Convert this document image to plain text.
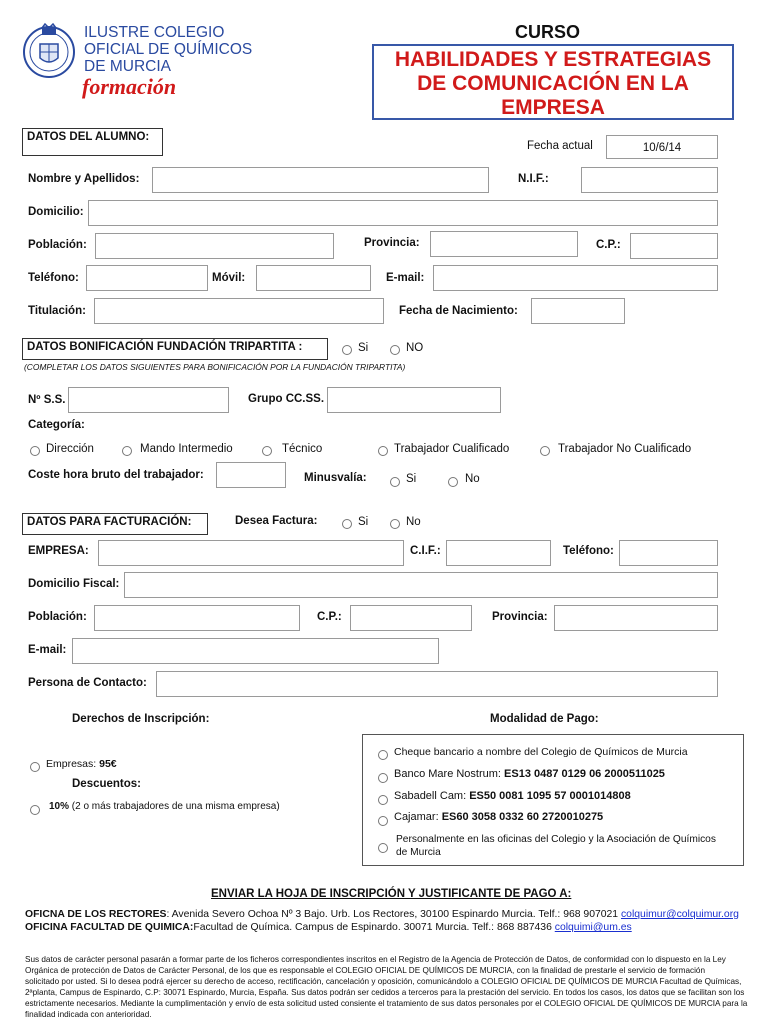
ILUSTRE COLEGIO
OFICIAL DE QUÍMICOS
DE MURCIA
formación
CURSO
HABILIDADES Y ESTRATEGIAS
DE COMUNICACIÓN EN LA
EMPRESA
DATOS DEL ALUMNO:
Fecha actual	10/6/14
Nombre y Apellidos:	N.I.F.:
Domicilio:
Población:	Provincia:	C.P.:
Teléfono:	Móvil:	E-mail:
Titulación:	Fecha de Nacimiento:
DATOS BONIFICACIÓN FUNDACIÓN TRIPARTITA :	Si	NO
(COMPLETAR LOS DATOS SIGUIENTES PARA BONIFICACIÓN POR LA FUNDACIÓN TRIPARTITA)
Nº S.S.	Grupo CC.SS.
Categoría:
Dirección	Mando Intermedio	Técnico	Trabajador Cualificado	Trabajador No Cualificado
Coste hora bruto del trabajador:	Minusvalía:	Si	No
DATOS PARA FACTURACIÓN:	Desea Factura:	Si	No
EMPRESA:	C.I.F.:	Teléfono:
Domicilio Fiscal:
Población:	C.P.:	Provincia:
E-mail:
Persona de Contacto:
Derechos de Inscripción:	Modalidad de Pago:
Empresas: 95€
Descuentos:
10% (2 o más trabajadores de una misma empresa)
Cheque bancario a nombre del Colegio de Químicos de Murcia
Banco Mare Nostrum: ES13 0487 0129 06 2000511025
Sabadell Cam: ES50 0081 1095 57 0001014808
Cajamar: ES60 3058 0332 60 2720010275
Personalmente en las oficinas del Colegio y la Asociación de Químicos
de Murcia
ENVIAR LA HOJA DE INSCRIPCIÓN Y JUSTIFICANTE DE PAGO A:
OFICNA DE LOS RECTORES: Avenida Severo Ochoa Nº 3 Bajo. Urb. Los Rectores, 30100 Espinardo Murcia. Telf.: 968 907021 colquimur@colquimur.org
OFICINA FACULTAD DE QUIMICA:Facultad de Química. Campus de Espinardo. 30071 Murcia. Telf.: 868 887436 colquimi@um.es
Sus datos de carácter personal pasarán a formar parte de los ficheros correspondientes inscritos en el Registro de la Agencia de Protección de Datos, de conformidad con lo dispuesto en la Ley
Orgánica de protección de Datos de Carácter Personal, de los que es responsable el COLEGIO OFICIAL DE QUÍMICOS DE MURCIA, con la finalidad de prestarle el servicio de formación
solicitado por usted. Si lo desea podrá ejercer su derecho de acceso, rectificación, cancelación y oposición, comunicándolo a COLEGIO OFICIAL DE QUÍMICOS DE MURCIA Facultad de Químicas,
2ªplanta, Campus de Espinardo, C.P: 30071 Espinardo, Murcia, España. Sus datos podrán ser cedidos a terceros para la prestación del servicio. En todos los casos, los datos que se facilitan son los
estrictamente necesarios. Mediante la cumplimentación y envío de esta solicitud usted consiente el tratamiento de sus datos personales por el COLEGIO OFICIAL DE QUÍMICOS DE MURCIA para la
finalidad indicada con anterioridad.
